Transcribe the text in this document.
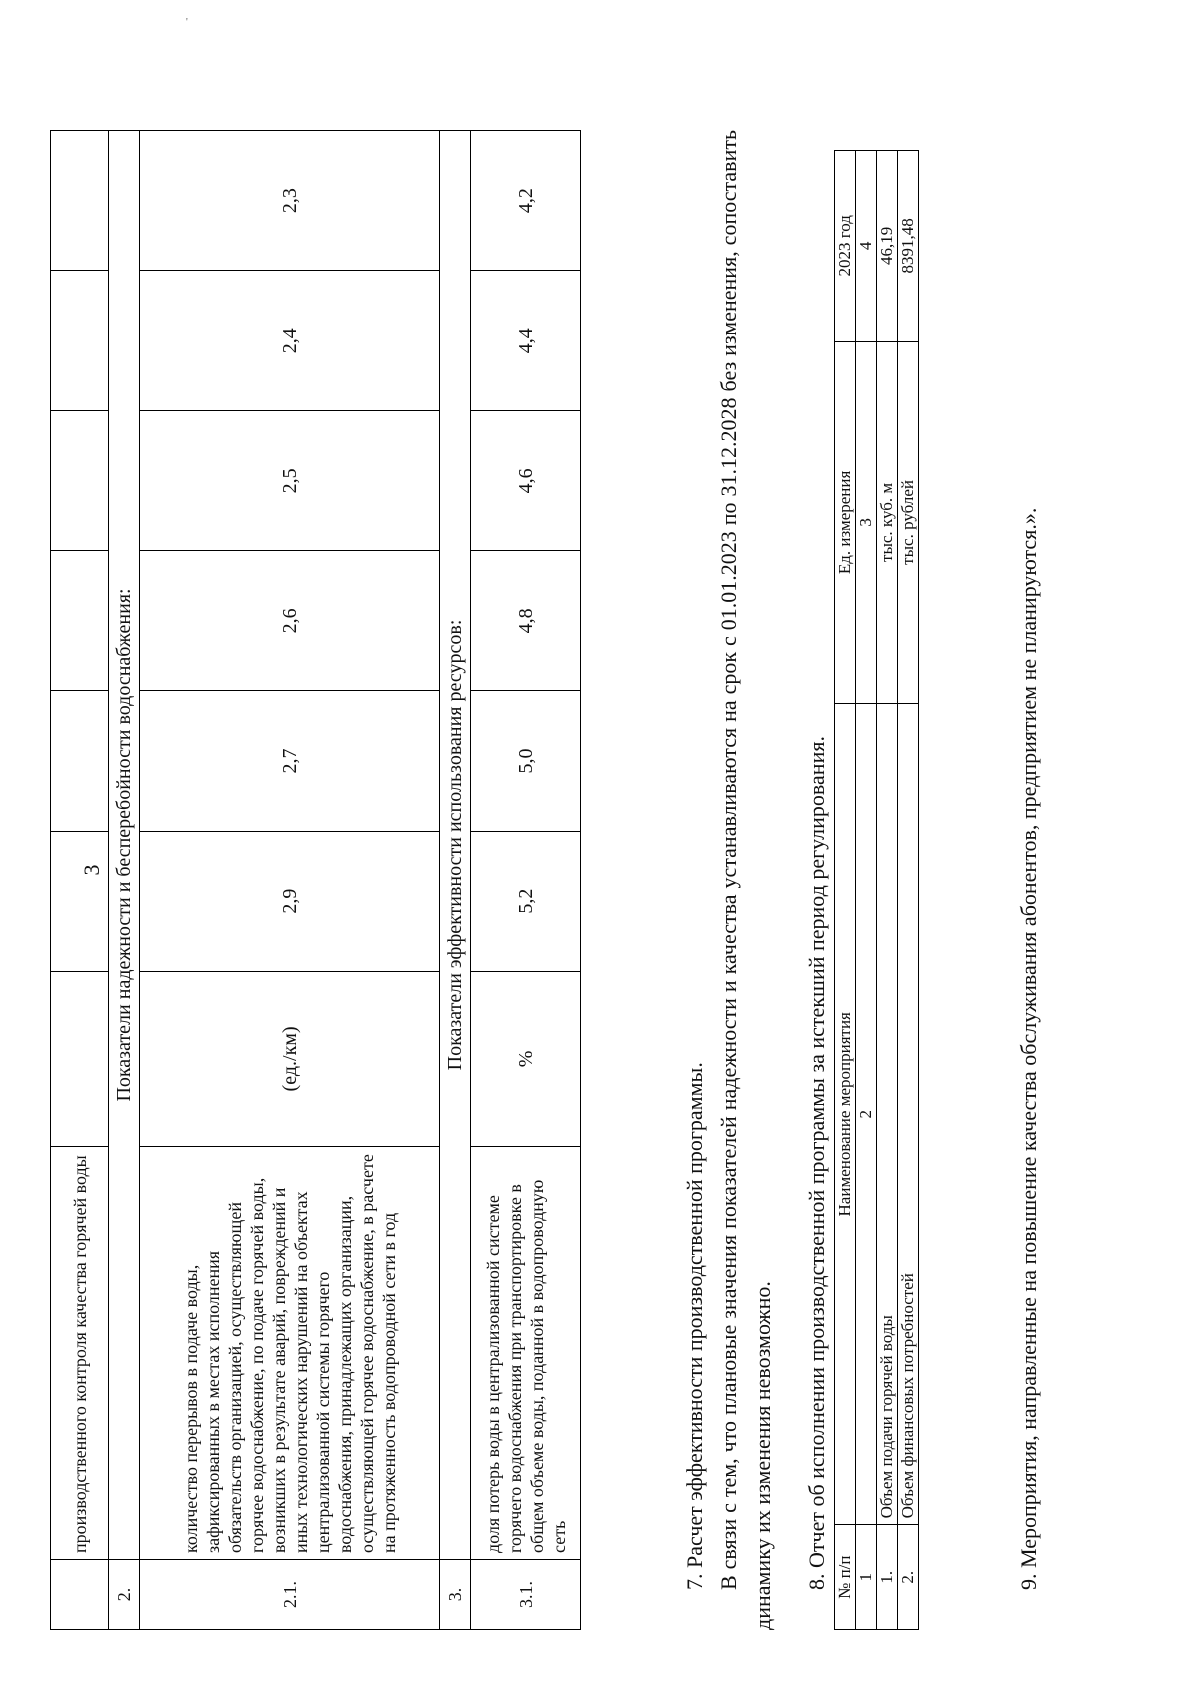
'
3
	производственного контроля качества горячей воды							
2.	Показатели надежности и бесперебойности водоснабжения:							
2.1.	количество перерывов в подаче воды, зафиксированных в местах исполнения обязательств организацией, осуществляющей горячее водоснабжение, по подаче горячей воды, возникших в результате аварий, повреждений и иных технологических нарушений на объектах централизованной системы горячего водоснабжения, принадлежащих организации, осуществляющей горячее водоснабжение, в расчете на протяженность водопроводной сети в год	(ед./км)	2,9	2,7	2,6	2,5	2,4	2,3
3.	Показатели эффективности использования ресурсов:							
3.1.	доля потерь воды в централизованной системе горячего водоснабжения при транспортировке в общем объеме воды, поданной в водопроводную сеть	%	5,2	5,0	4,8	4,6	4,4	4,2
7. Расчет эффективности производственной программы. В связи с тем, что плановые значения показателей надежности и качества устанавливаются на срок с 01.01.2023 по 31.12.2028 без изменения, сопоставить динамику их изменения невозможно. 8. Отчет об исполнении производственной программы за истекший период регулирования. № п/п	Наименование мероприятия	Ед. измерения	2023 год
1	2	3	4
1.	Объем подачи горячей воды	тыс. куб. м	46,19
2.	Объем финансовых потребностей	тыс. рублей	8391,48
9. Мероприятия, направленные на повышение качества обслуживания абонентов, предприятием не планируются.».
